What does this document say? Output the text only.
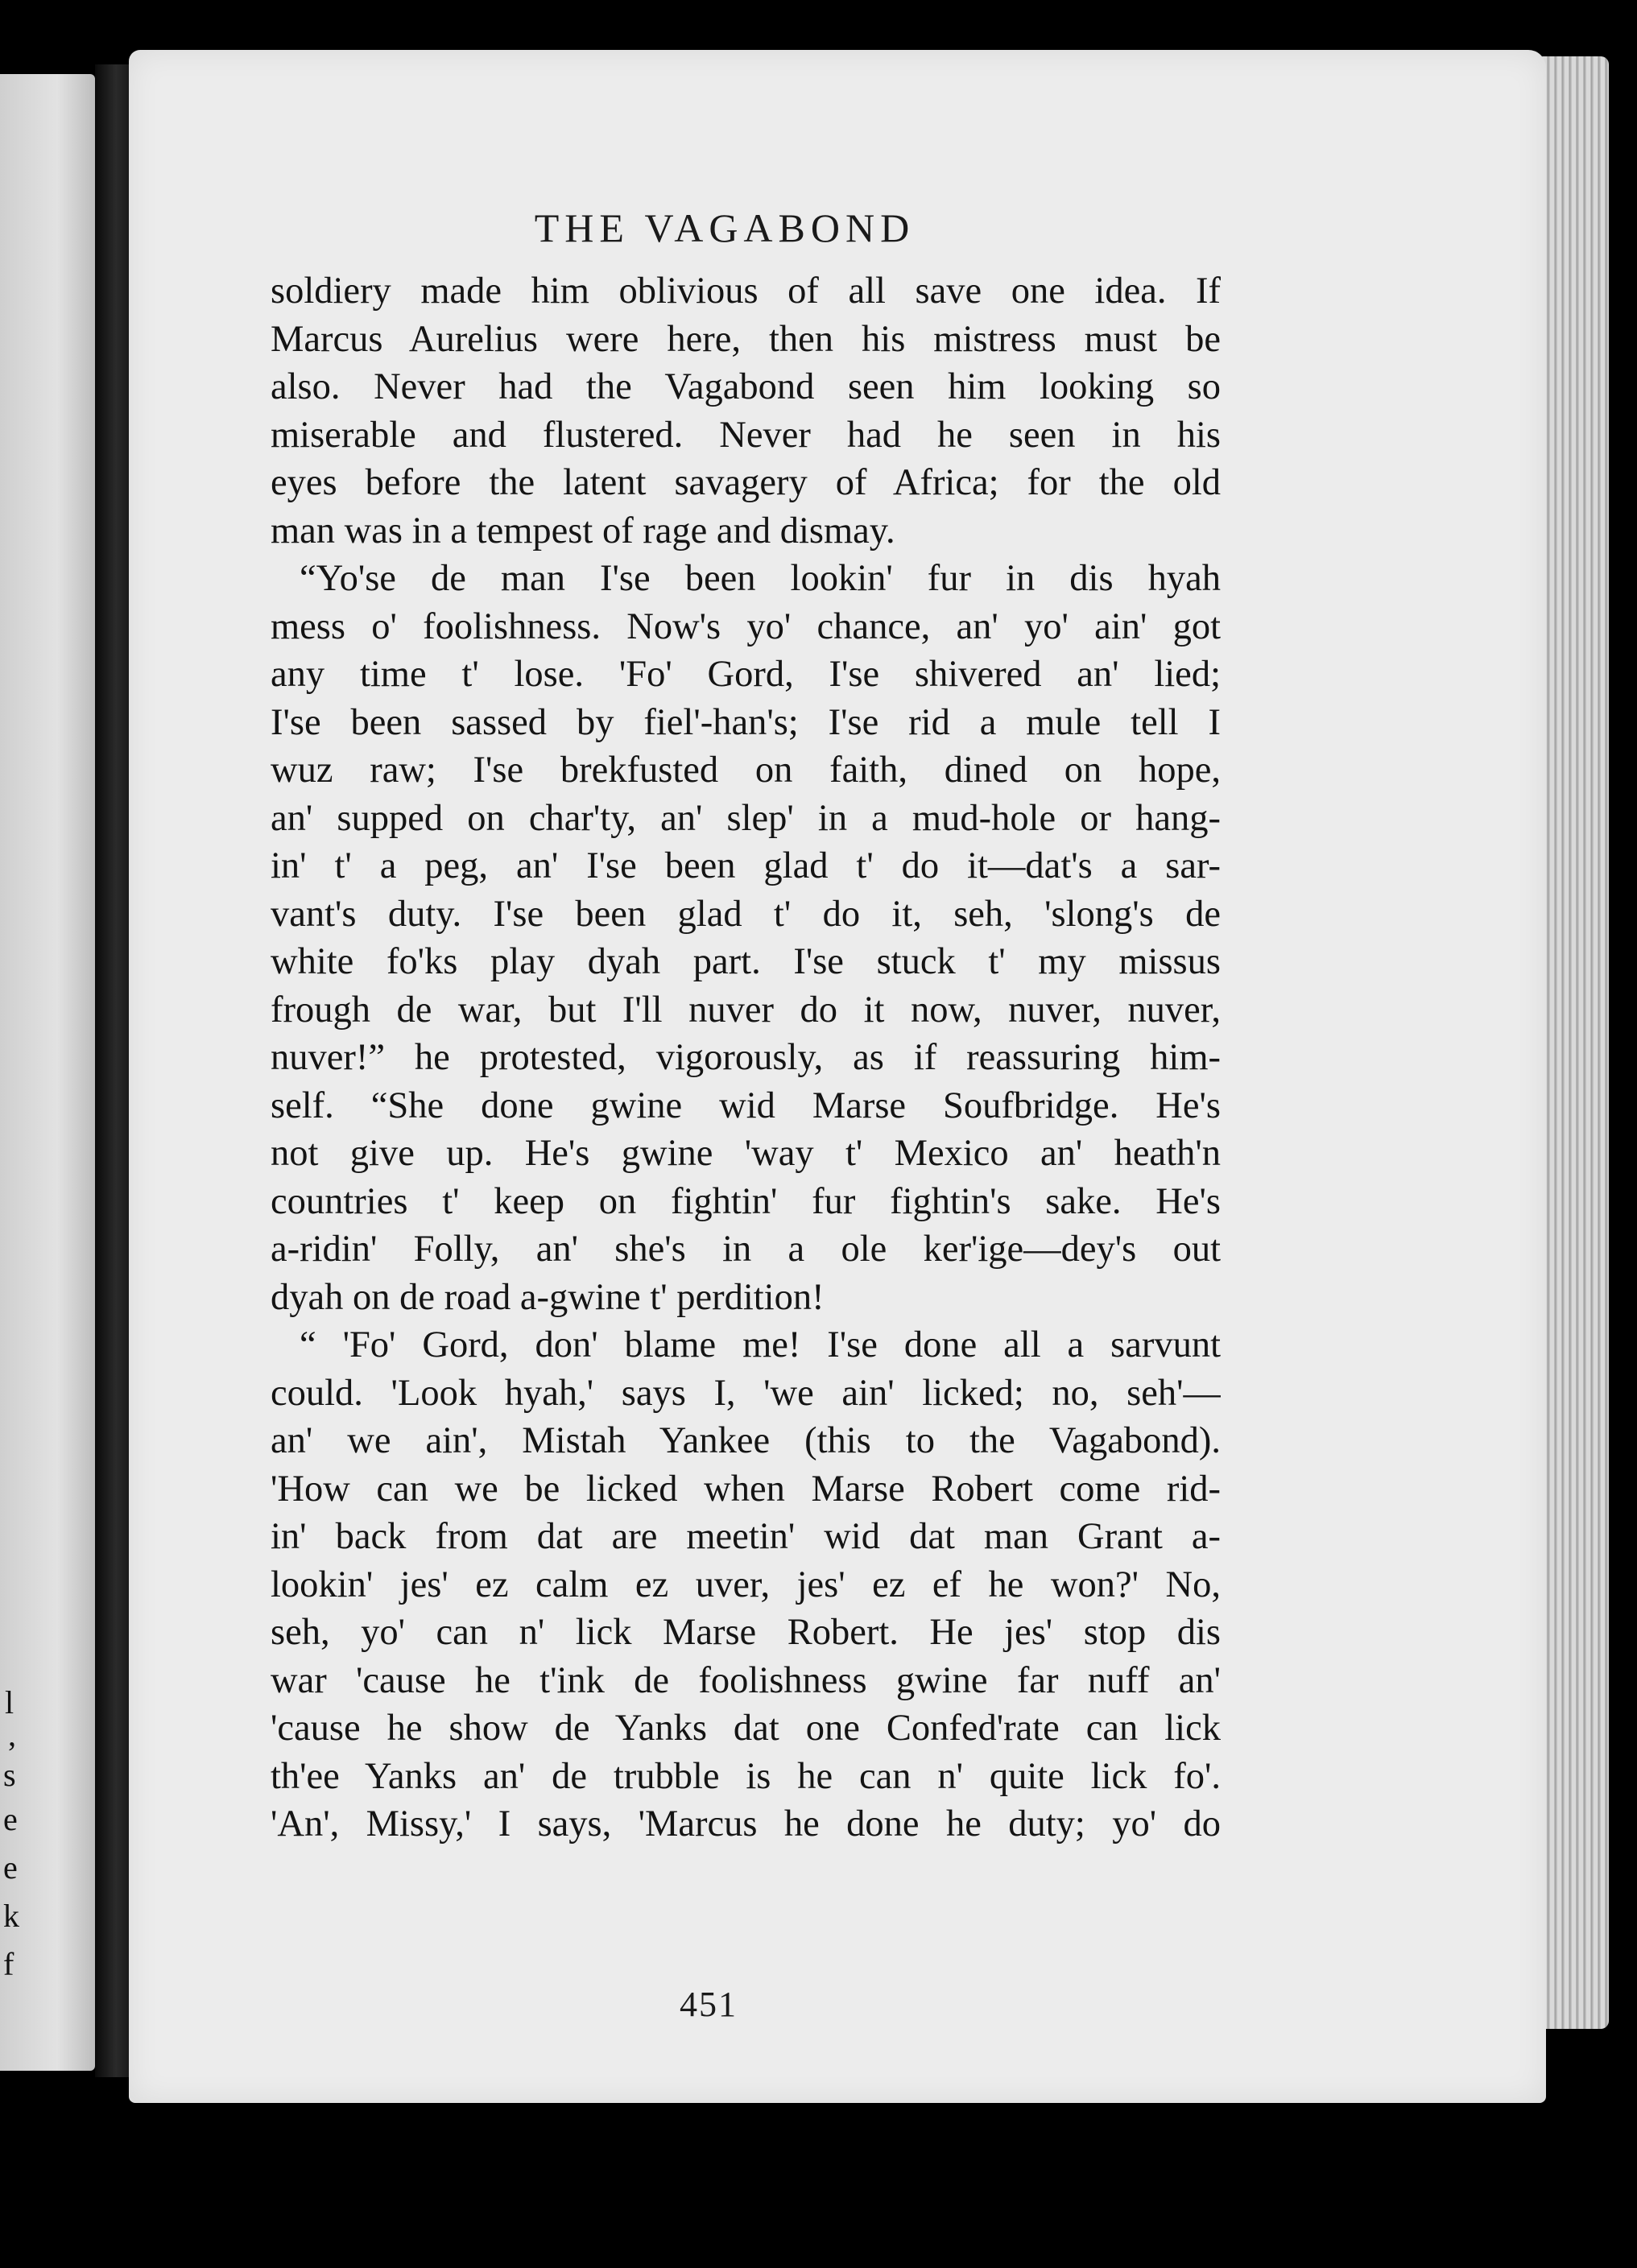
l
,
s
e
e
k
f
THE VAGABOND
soldiery made him oblivious of all save one idea. If
Marcus Aurelius were here, then his mistress must be
also. Never had the Vagabond seen him looking so
miserable and flustered. Never had he seen in his
eyes before the latent savagery of Africa; for the old
man was in a tempest of rage and dismay.
“Yo'se de man I'se been lookin' fur in dis hyah
mess o' foolishness. Now's yo' chance, an' yo' ain' got
any time t' lose. 'Fo' Gord, I'se shivered an' lied;
I'se been sassed by fiel'-han's; I'se rid a mule tell I
wuz raw; I'se brekfusted on faith, dined on hope,
an' supped on char'ty, an' slep' in a mud-hole or hang-
in' t' a peg, an' I'se been glad t' do it—dat's a sar-
vant's duty. I'se been glad t' do it, seh, 'slong's de
white fo'ks play dyah part. I'se stuck t' my missus
frough de war, but I'll nuver do it now, nuver, nuver,
nuver!” he protested, vigorously, as if reassuring him-
self. “She done gwine wid Marse Soufbridge. He's
not give up. He's gwine 'way t' Mexico an' heath'n
countries t' keep on fightin' fur fightin's sake. He's
a-ridin' Folly, an' she's in a ole ker'ige—dey's out
dyah on de road a-gwine t' perdition!
“ 'Fo' Gord, don' blame me! I'se done all a sarvunt
could. 'Look hyah,' says I, 'we ain' licked; no, seh'—
an' we ain', Mistah Yankee (this to the Vagabond).
'How can we be licked when Marse Robert come rid-
in' back from dat are meetin' wid dat man Grant a-
lookin' jes' ez calm ez uver, jes' ez ef he won?' No,
seh, yo' can n' lick Marse Robert. He jes' stop dis
war 'cause he t'ink de foolishness gwine far nuff an'
'cause he show de Yanks dat one Confed'rate can lick
th'ee Yanks an' de trubble is he can n' quite lick fo'.
'An', Missy,' I says, 'Marcus he done he duty; yo' do
451
